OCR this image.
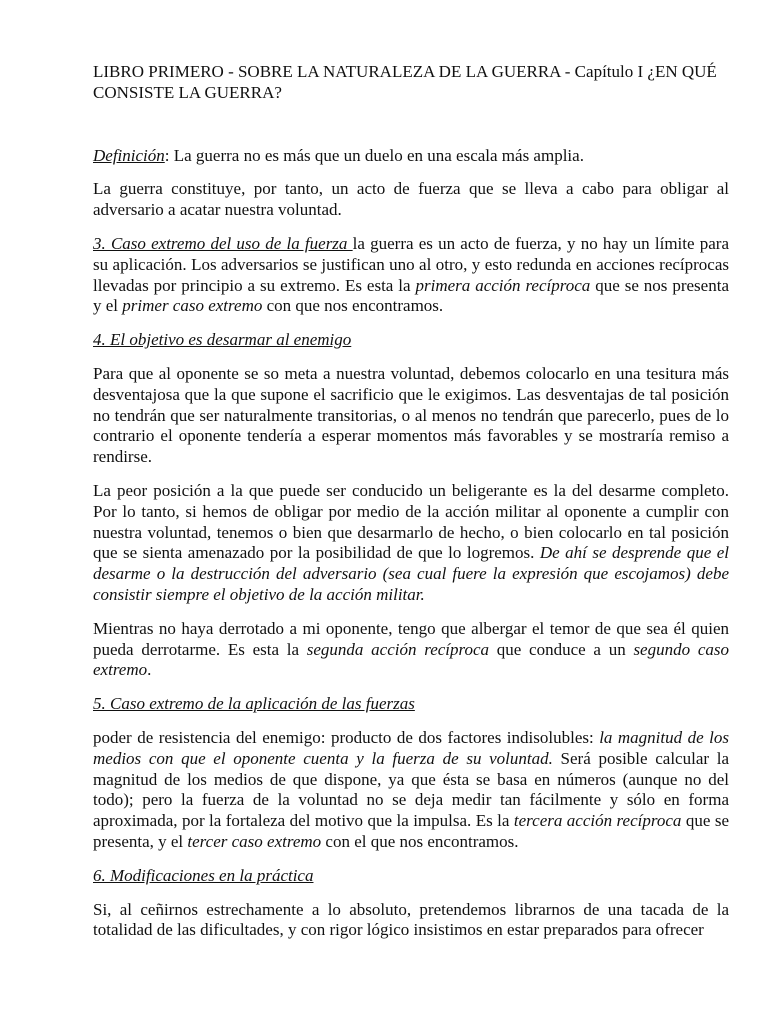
LIBRO PRIMERO - SOBRE LA NATURALEZA DE LA GUERRA - Capítulo I ¿EN QUÉ CONSISTE LA GUERRA?

Definición: La guerra no es más que un duelo en una escala más amplia.

La guerra constituye, por tanto, un acto de fuerza que se lleva a cabo para obligar al adversario a acatar nuestra voluntad.

3. Caso extremo del uso de la fuerza la guerra es un acto de fuerza, y no hay un límite para su aplicación. Los adversarios se justifican uno al otro, y esto redunda en acciones recíprocas llevadas por principio a su extremo. Es esta la primera acción recíproca que se nos presenta y el primer caso extremo con que nos encontramos.

4. El objetivo es desarmar al enemigo

Para que al oponente se so meta a nuestra voluntad, debemos colocarlo en una tesitura más desventajosa que la que supone el sacrificio que le exigimos. Las desventajas de tal posición no tendrán que ser naturalmente transitorias, o al menos no tendrán que parecerlo, pues de lo contrario el oponente tendería a esperar momentos más favorables y se mostraría remiso a rendirse.

La peor posición a la que puede ser conducido un beligerante es la del desarme completo. Por lo tanto, si hemos de obligar por medio de la acción militar al oponente a cumplir con nuestra voluntad, tenemos o bien que desarmarlo de hecho, o bien colocarlo en tal posición que se sienta amenazado por la posibilidad de que lo logremos. De ahí se desprende que el desarme o la destrucción del adversario (sea cual fuere la expresión que escojamos) debe consistir siempre el objetivo de la acción militar.

Mientras no haya derrotado a mi oponente, tengo que albergar el temor de que sea él quien pueda derrotarme. Es esta la segunda acción recíproca que conduce a un segundo caso extremo.

5. Caso extremo de la aplicación de las fuerzas

poder de resistencia del enemigo: producto de dos factores indisolubles: la magnitud de los medios con que el oponente cuenta y la fuerza de su voluntad. Será posible calcular la magnitud de los medios de que dispone, ya que ésta se basa en números (aunque no del todo); pero la fuerza de la voluntad no se deja medir tan fácilmente y sólo en forma aproximada, por la fortaleza del motivo que la impulsa. Es la tercera acción recíproca que se presenta, y el tercer caso extremo con el que nos encontramos.

6. Modificaciones en la práctica

Si, al ceñirnos estrechamente a lo absoluto, pretendemos librarnos de una tacada de la totalidad de las dificultades, y con rigor lógico insistimos en estar preparados para ofrecer
